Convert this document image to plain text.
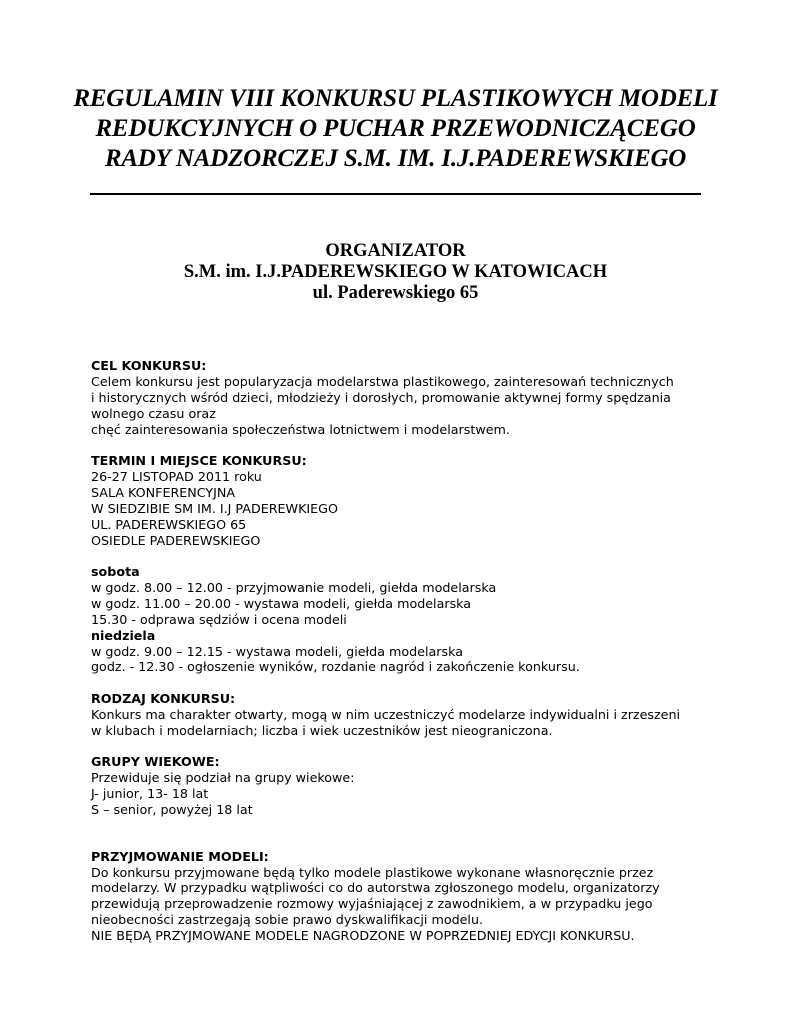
REGULAMIN VIII KONKURSU PLASTIKOWYCH MODELI
REDUKCYJNYCH O PUCHAR PRZEWODNICZĄCEGO
RADY NADZORCZEJ S.M. IM. I.J.PADEREWSKIEGO
ORGANIZATOR
S.M. im. I.J.PADEREWSKIEGO W KATOWICACH
ul. Paderewskiego 65
CEL KONKURSU:
Celem konkursu jest popularyzacja modelarstwa plastikowego, zainteresowań technicznych
i historycznych wśród dzieci, młodzieży i dorosłych, promowanie aktywnej formy spędzania
wolnego czasu oraz
chęć zainteresowania społeczeństwa lotnictwem i modelarstwem.
TERMIN I MIEJSCE KONKURSU:
26-27 LISTOPAD 2011 roku
SALA KONFERENCYJNA
W SIEDZIBIE SM IM. I.J PADEREWKIEGO
UL. PADEREWSKIEGO 65
OSIEDLE PADEREWSKIEGO
sobota
w godz. 8.00 – 12.00 - przyjmowanie modeli, giełda modelarska
w godz. 11.00 – 20.00 - wystawa modeli, giełda modelarska
15.30 - odprawa sędziów i ocena modeli
niedziela
w godz. 9.00 – 12.15 - wystawa modeli, giełda modelarska
godz. - 12.30 - ogłoszenie wyników, rozdanie nagród i zakończenie konkursu.
RODZAJ KONKURSU:
Konkurs ma charakter otwarty, mogą w nim uczestniczyć modelarze indywidualni i zrzeszeni
w klubach i modelarniach; liczba i wiek uczestników jest nieograniczona.
GRUPY WIEKOWE:
Przewiduje się podział na grupy wiekowe:
J- junior, 13- 18 lat
S – senior, powyżej 18 lat
PRZYJMOWANIE MODELI:
Do konkursu przyjmowane będą tylko modele plastikowe wykonane własnoręcznie przez
modelarzy. W przypadku wątpliwości co do autorstwa zgłoszonego modelu, organizatorzy
przewidują przeprowadzenie rozmowy wyjaśniającej z zawodnikiem, a w przypadku jego
nieobecności zastrzegają sobie prawo dyskwalifikacji modelu.
NIE BĘDĄ PRZYJMOWANE MODELE NAGRODZONE W POPRZEDNIEJ EDYCJI KONKURSU.
